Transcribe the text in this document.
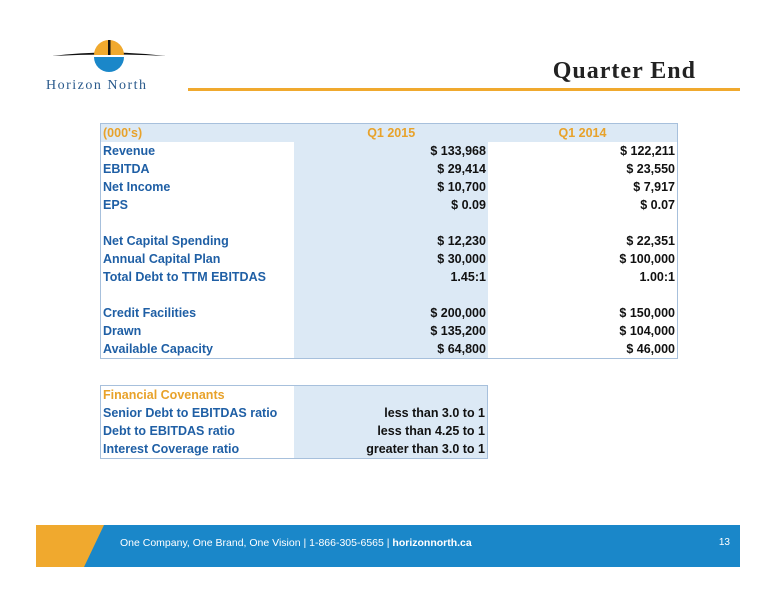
Horizon North
Quarter End
(000's)	Q1 2015	Q1 2014
Revenue	$ 133,968	$ 122,211
EBITDA	$ 29,414	$ 23,550
Net Income	$ 10,700	$ 7,917
EPS	$ 0.09	$ 0.07

Net Capital Spending	$ 12,230	$ 22,351
Annual Capital Plan	$ 30,000	$ 100,000
Total Debt to TTM EBITDAS	1.45:1	1.00:1

Credit Facilities	$ 200,000	$ 150,000
Drawn	$ 135,200	$ 104,000
Available Capacity	$ 64,800	$ 46,000
Financial Covenants	
Senior Debt to EBITDAS ratio	less than 3.0 to 1
Debt to EBITDAS ratio	less than 4.25 to 1
Interest Coverage ratio	greater than 3.0 to 1
One Company, One Brand, One Vision | 1-866-305-6565 | horizonnorth.ca	13
